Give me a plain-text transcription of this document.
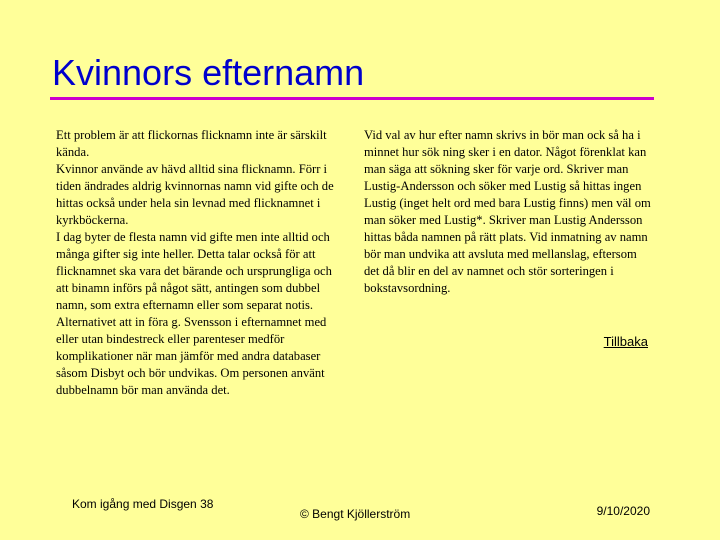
Kvinnors efternamn

Ett problem är att flickornas flicknamn inte är särskilt kända.

Kvinnor använde av hävd alltid sina flicknamn. Förr i tiden ändrades aldrig kvinnornas namn vid gifte och de hittas också under hela sin levnad med flicknamnet i kyrkböckerna.

I dag byter de flesta namn vid gifte men inte alltid och många gifter sig inte heller. Detta talar också för att flicknamnet ska vara det bärande och ursprungliga och att binamn införs på något sätt, antingen som dubbel namn, som extra efternamn eller som separat notis.

Alternativet att in föra g. Svensson i efternamnet med eller utan bindestreck eller parenteser medför komplikationer när man jämför med andra databaser såsom Disbyt och bör undvikas. Om personen använt dubbelnamn bör man använda det.

Vid val av hur efter namn skrivs in bör man ock så ha i minnet hur sök ning sker i en dator. Något förenklat kan man säga att sökning sker för varje ord. Skriver man Lustig-Andersson och söker med Lustig så hittas ingen Lustig (inget helt ord med bara Lustig finns) men väl om man söker med Lustig*. Skriver man Lustig Andersson hittas båda namnen på rätt plats. Vid inmatning av namn bör man undvika att avsluta med mellanslag, eftersom det då blir en del av namnet och stör sorteringen i bokstavsordning.

Tillbaka
Kom igång med Disgen 38
© Bengt Kjöllerström	9/10/2020
